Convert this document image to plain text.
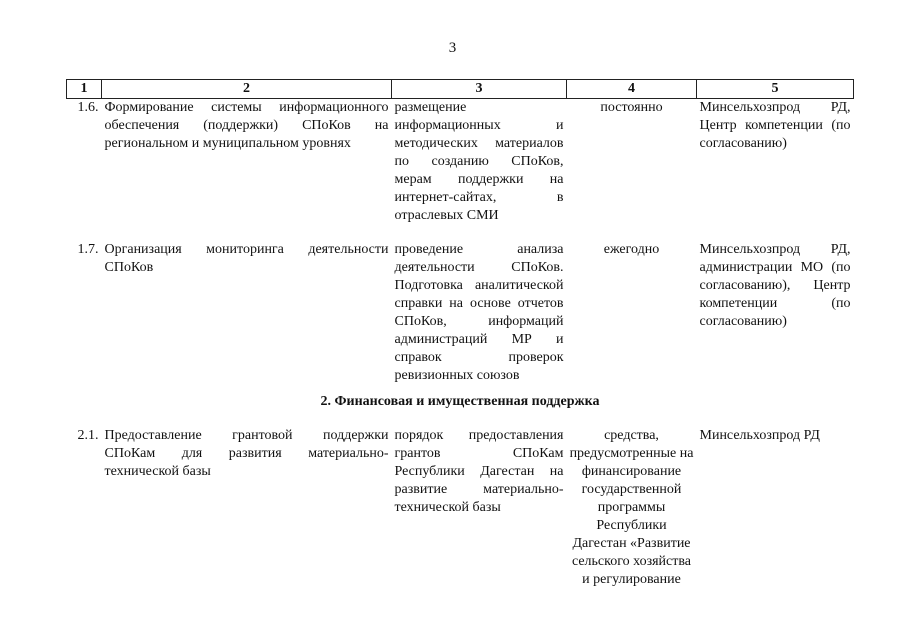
3
1	2	3	4	5
1.6.	Формирование системы информационного обеспечения (поддержки) СПоКов на региональном и муниципальном уровнях	размещение информационных и методических материалов по созданию СПоКов, мерам поддержки на интернет-сайтах, в отраслевых СМИ	постоянно	Минсельхозпрод РД, Центр компетенции (по согласованию)

1.7.	Организация мониторинга деятельности СПоКов	проведение анализа деятельности СПоКов. Подготовка аналитической справки на основе отчетов СПоКов, информаций администраций МР и справок проверок ревизионных союзов	ежегодно	Минсельхозпрод РД, администрации МО (по согласованию), Центр компетенции (по согласованию)
2. Финансовая и имущественная поддержка				
2.1.	Предоставление грантовой поддержки СПоКам для развития материально-технической базы	порядок предоставления грантов СПоКам Республики Дагестан на развитие материально-технической базы	средства, предусмотренные на финансирование государственной программы Республики Дагестан «Развитие сельского хозяйства и регулирование	Минсельхозпрод РД
